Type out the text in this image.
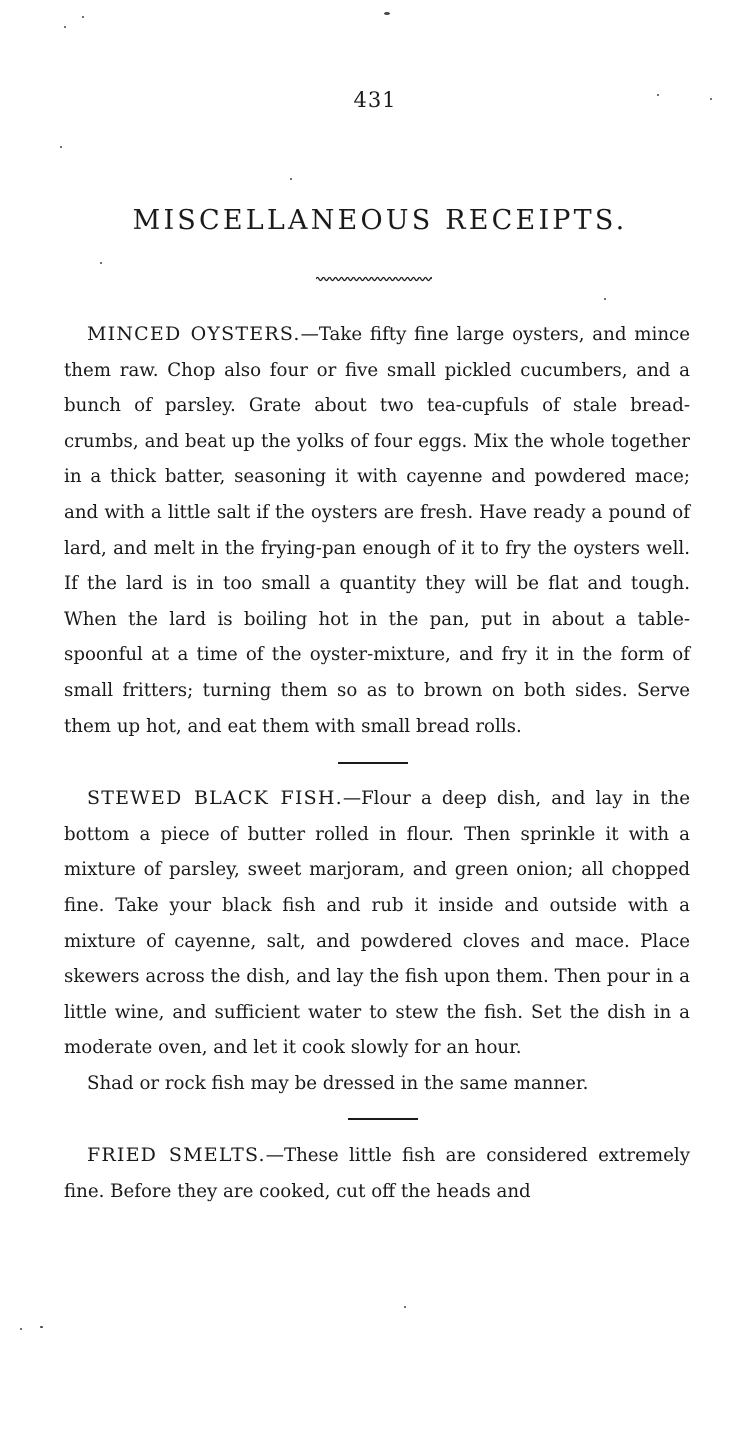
431
MISCELLANEOUS RECEIPTS.

MINCED OYSTERS.—Take fifty fine large oysters, and mince them raw. Chop also four or five small pickled cucumbers, and a bunch of parsley. Grate about two tea-cupfuls of stale bread-crumbs, and beat up the yolks of four eggs. Mix the whole together in a thick batter, seasoning it with cayenne and powdered mace; and with a little salt if the oysters are fresh. Have ready a pound of lard, and melt in the frying-pan enough of it to fry the oysters well. If the lard is in too small a quantity they will be flat and tough. When the lard is boiling hot in the pan, put in about a table-spoonful at a time of the oyster-mixture, and fry it in the form of small fritters; turning them so as to brown on both sides. Serve them up hot, and eat them with small bread rolls.

STEWED BLACK FISH.—Flour a deep dish, and lay in the bottom a piece of butter rolled in flour. Then sprinkle it with a mixture of parsley, sweet marjoram, and green onion; all chopped fine. Take your black fish and rub it inside and outside with a mixture of cayenne, salt, and powdered cloves and mace. Place skewers across the dish, and lay the fish upon them. Then pour in a little wine, and sufficient water to stew the fish. Set the dish in a moderate oven, and let it cook slowly for an hour.

Shad or rock fish may be dressed in the same manner.

FRIED SMELTS.—These little fish are considered extremely fine. Before they are cooked, cut off the heads and
